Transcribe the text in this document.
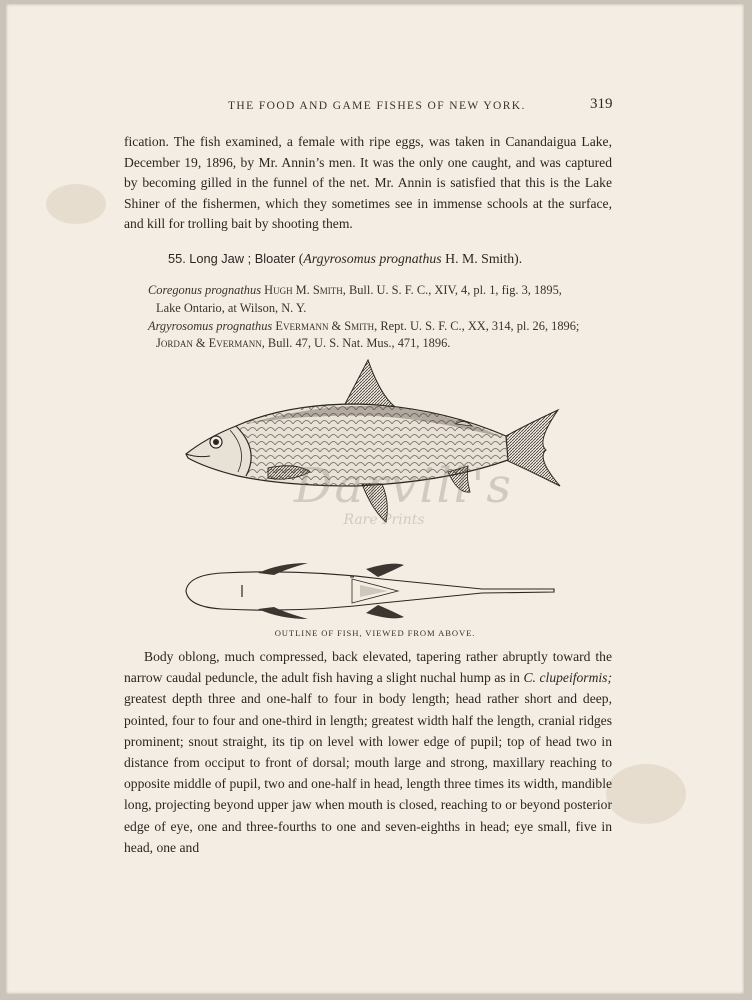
THE FOOD AND GAME FISHES OF NEW YORK.	319
fication. The fish examined, a female with ripe eggs, was taken in Canandaigua Lake, December 19, 1896, by Mr. Annin’s men. It was the only one caught, and was captured by becoming gilled in the funnel of the net. Mr. Annin is satisfied that this is the Lake Shiner of the fishermen, which they sometimes see in immense schools at the surface, and kill for trolling bait by shooting them.
55. Long Jaw ; Bloater (Argyrosomus prognathus H. M. Smith).
Coregonus prognathus Hugh M. Smith, Bull. U. S. F. C., XIV, 4, pl. 1, fig. 3, 1895,
Lake Ontario, at Wilson, N. Y.
Argyrosomus prognathus Evermann & Smith, Rept. U. S. F. C., XX, 314, pl. 26, 1896;
Jordan & Evermann, Bull. 47, U. S. Nat. Mus., 471, 1896.
Darvill's
Rare Prints
OUTLINE OF FISH, VIEWED FROM ABOVE.
Body oblong, much compressed, back elevated, tapering rather abruptly toward the narrow caudal peduncle, the adult fish having a slight nuchal hump as in C. clupeiformis; greatest depth three and one-half to four in body length; head rather short and deep, pointed, four to four and one-third in length; greatest width half the length, cranial ridges prominent; snout straight, its tip on level with lower edge of pupil; top of head two in distance from occiput to front of dorsal; mouth large and strong, maxillary reaching to opposite middle of pupil, two and one-half in head, length three times its width, mandible long, projecting beyond upper jaw when mouth is closed, reaching to or beyond posterior edge of eye, one and three-fourths to one and seven-eighths in head; eye small, five in head, one and
